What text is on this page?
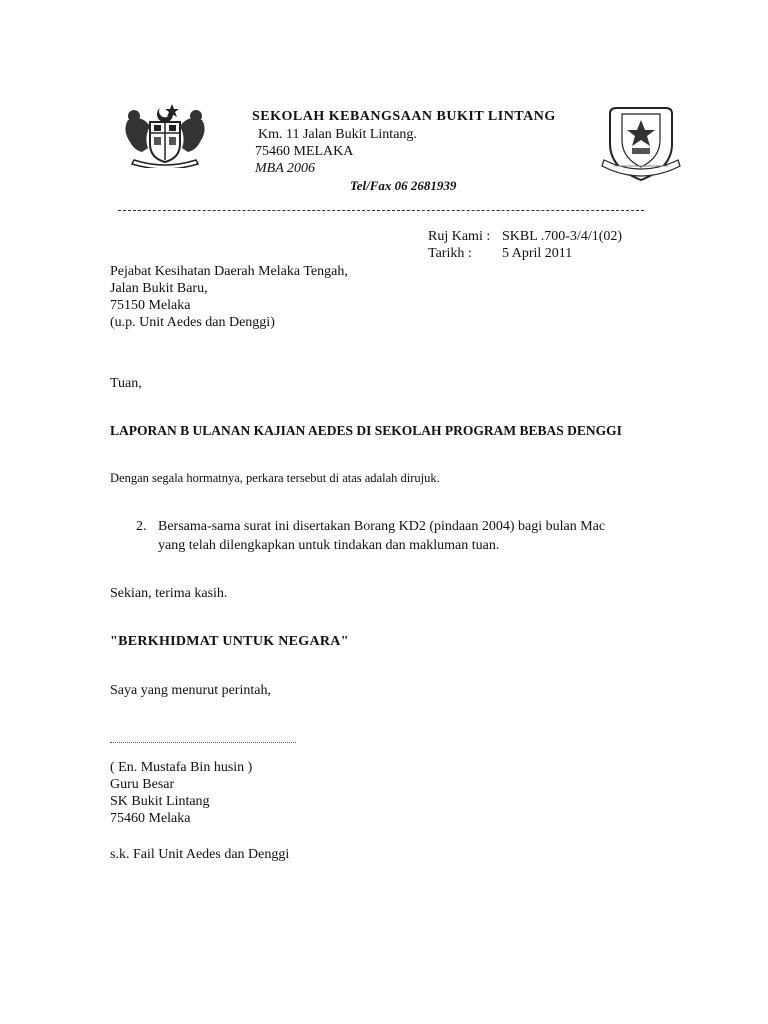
SEKOLAH KEBANGSAAN BUKIT LINTANG
Km. 11 Jalan Bukit Lintang.
75460 MELAKA
MBA 2006
Tel/Fax 06 2681939
Ruj Kami : SKBL .700-3/4/1(02)
Tarikh : 5 April 2011
Pejabat Kesihatan Daerah Melaka Tengah,
Jalan Bukit Baru,
75150 Melaka
(u.p. Unit Aedes dan Denggi)
Tuan,
LAPORAN B ULANAN KAJIAN AEDES DI SEKOLAH PROGRAM BEBAS DENGGI
Dengan segala hormatnya, perkara tersebut di atas adalah dirujuk.
2. Bersama-sama surat ini disertakan Borang KD2 (pindaan 2004) bagi bulan Mac
yang telah dilengkapkan untuk tindakan dan makluman tuan.
Sekian, terima kasih.
"BERKHIDMAT UNTUK NEGARA"
Saya yang menurut perintah,
( En. Mustafa Bin husin )
Guru Besar
SK Bukit Lintang
75460 Melaka
s.k. Fail Unit Aedes dan Denggi
